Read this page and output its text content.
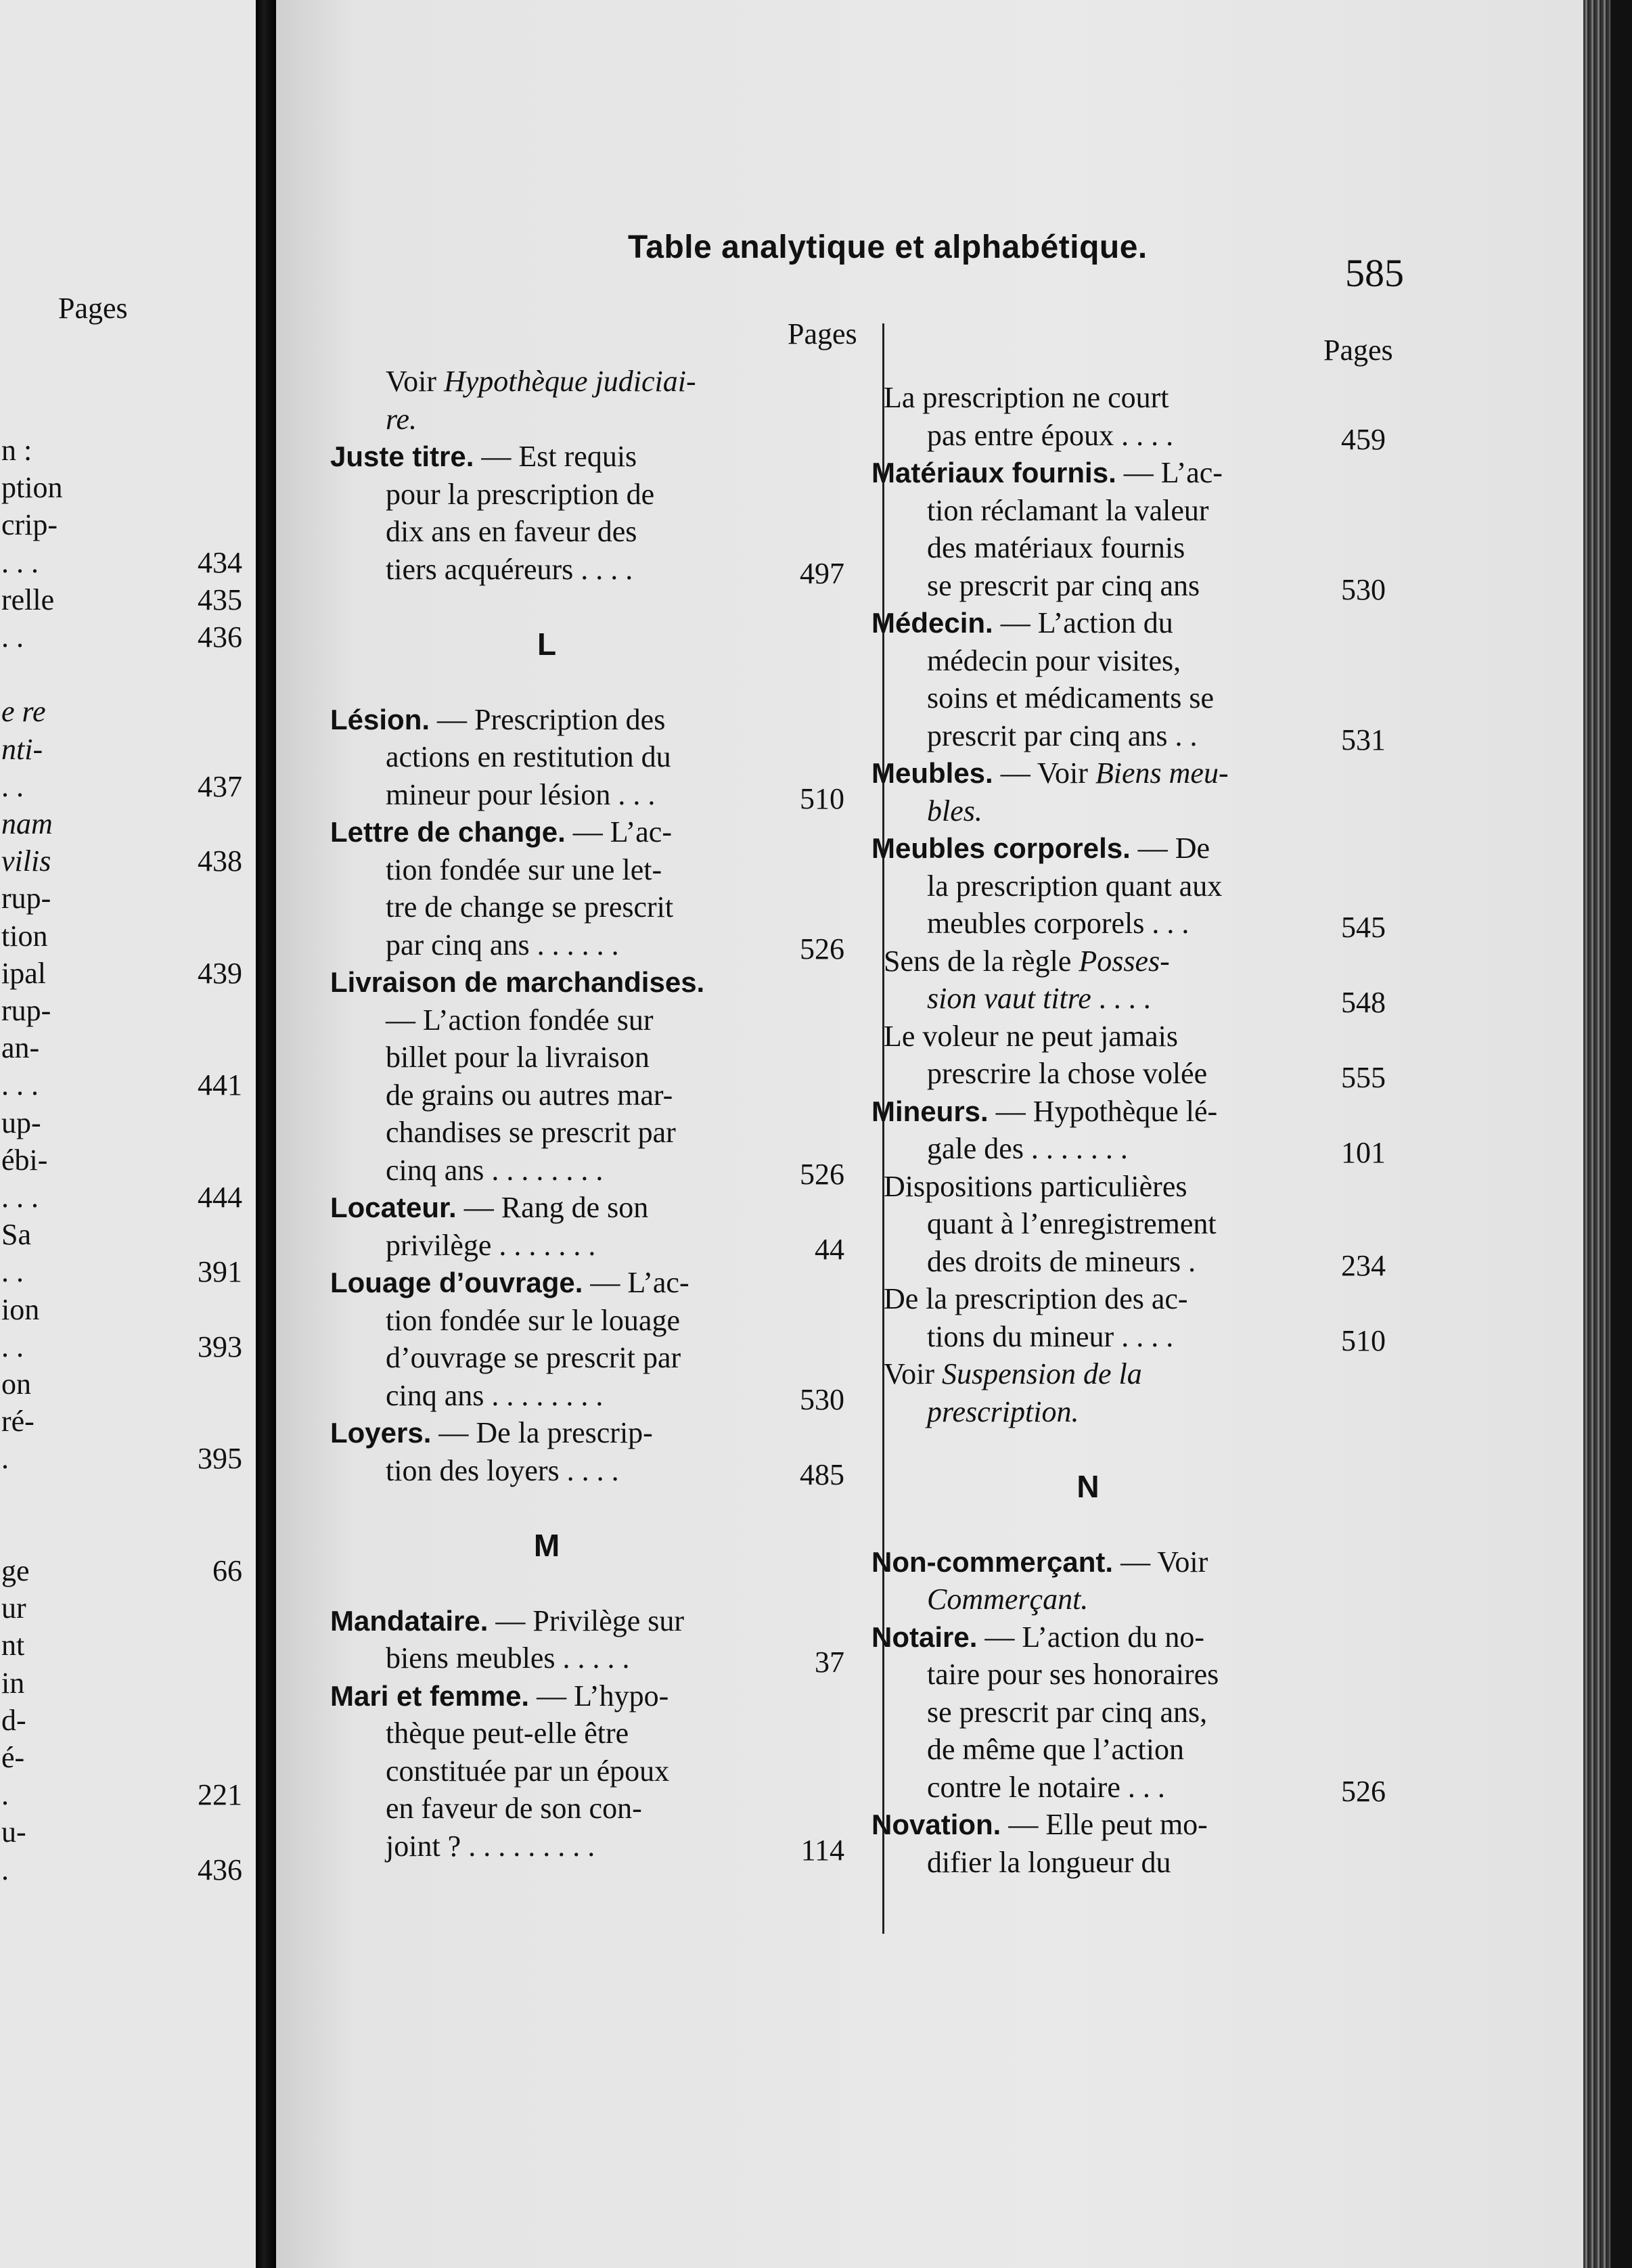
Pages
n :
ption
crip-
. . .	434
relle	435
. .	436
e re
nti-
. .	437
nam
vilis	438
rup-
tion
ipal	439
rup-
an-
. . .	441
up-
ébi-
. . .	444
Sa
. .	391
ion
. .	393
on
ré-
.	395
ge	66
ur
nt
in
d-
é-
.	221
u-
.	436
Table analytique et alphabétique.
585
Pages	Pages
Voir Hypothèque judiciai-
re.
Juste titre. — Est requis
pour la prescription de
dix ans en faveur des
tiers acquéreurs . . . .	497
L
Lésion. — Prescription des
actions en restitution du
mineur pour lésion . . .	510
Lettre de change. — L’ac-
tion fondée sur une let-
tre de change se prescrit
par cinq ans . . . . . .	526
Livraison de marchandises.
— L’action fondée sur
billet pour la livraison
de grains ou autres mar-
chandises se prescrit par
cinq ans . . . . . . . .	526
Locateur. — Rang de son
privilège . . . . . . .	44
Louage d’ouvrage. — L’ac-
tion fondée sur le louage
d’ouvrage se prescrit par
cinq ans . . . . . . . .	530
Loyers. — De la prescrip-
tion des loyers . . . .	485
M
Mandataire. — Privilège sur
biens meubles . . . . .	37
Mari et femme. — L’hypo-
thèque peut-elle être
constituée par un époux
en faveur de son con-
joint ? . . . . . . . . .	114
La prescription ne court
pas entre époux . . . .	459
Matériaux fournis. — L’ac-
tion réclamant la valeur
des matériaux fournis
se prescrit par cinq ans	530
Médecin. — L’action du
médecin pour visites,
soins et médicaments se
prescrit par cinq ans . .	531
Meubles. — Voir Biens meu-
bles.
Meubles corporels. — De
la prescription quant aux
meubles corporels . . .	545
Sens de la règle Posses-
sion vaut titre . . . .	548
Le voleur ne peut jamais
prescrire la chose volée	555
Mineurs. — Hypothèque lé-
gale des . . . . . . .	101
Dispositions particulières
quant à l’enregistrement
des droits de mineurs .	234
De la prescription des ac-
tions du mineur . . . .	510
Voir Suspension de la
prescription.
N
Non-commerçant. — Voir
Commerçant.
Notaire. — L’action du no-
taire pour ses honoraires
se prescrit par cinq ans,
de même que l’action
contre le notaire . . .	526
Novation. — Elle peut mo-
difier la longueur du
